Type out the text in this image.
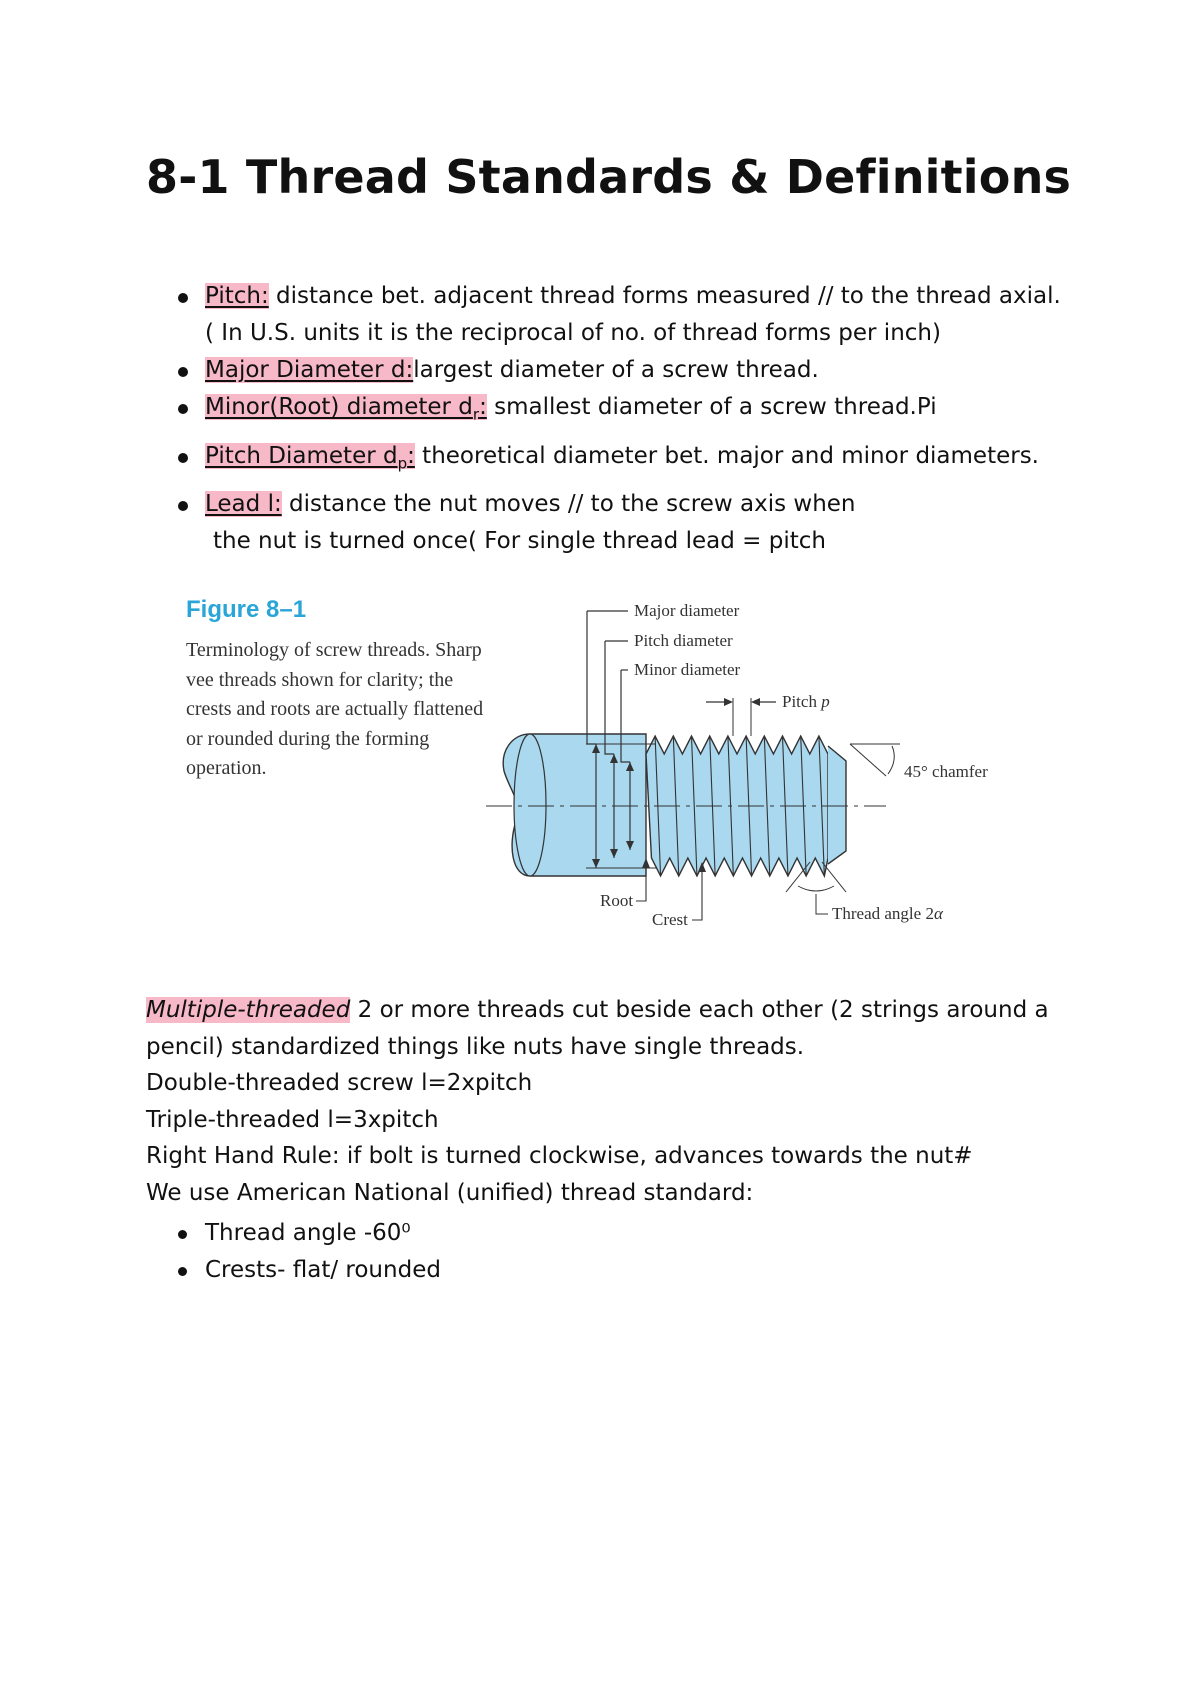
8-1 Thread Standards & Definitions
Pitch: distance bet. adjacent thread forms measured // to the thread axial.
( In U.S. units it is the reciprocal of no. of thread forms per inch)
Major Diameter d:largest diameter of a screw thread.
Minor(Root) diameter $d_r$: smallest diameter of a screw thread.Pi
Pitch Diameter $d_p$: theoretical diameter bet. major and minor diameters.
Lead l: distance the nut moves // to the screw axis when
the nut is turned once( For single thread lead = pitch
Major diameter
Pitch diameter
Minor diameter
Pitch p
45° chamfer
Root
Crest	Thread angle 2α
Figure 8–1
Terminology of screw threads. Sharp vee threads shown for clarity; the crests and roots are actually flattened or rounded during the forming operation.

Multiple-threaded 2 or more threads cut beside each other (2 strings around a pencil) standardized things like nuts have single threads.

Double-threaded screw l=2xpitch

Triple-threaded l=3xpitch

Right Hand Rule: if bolt is turned clockwise, advances towards the nut#

We use American National (unified) thread standard:

Thread angle -60⁰
Crests- flat/ rounded
